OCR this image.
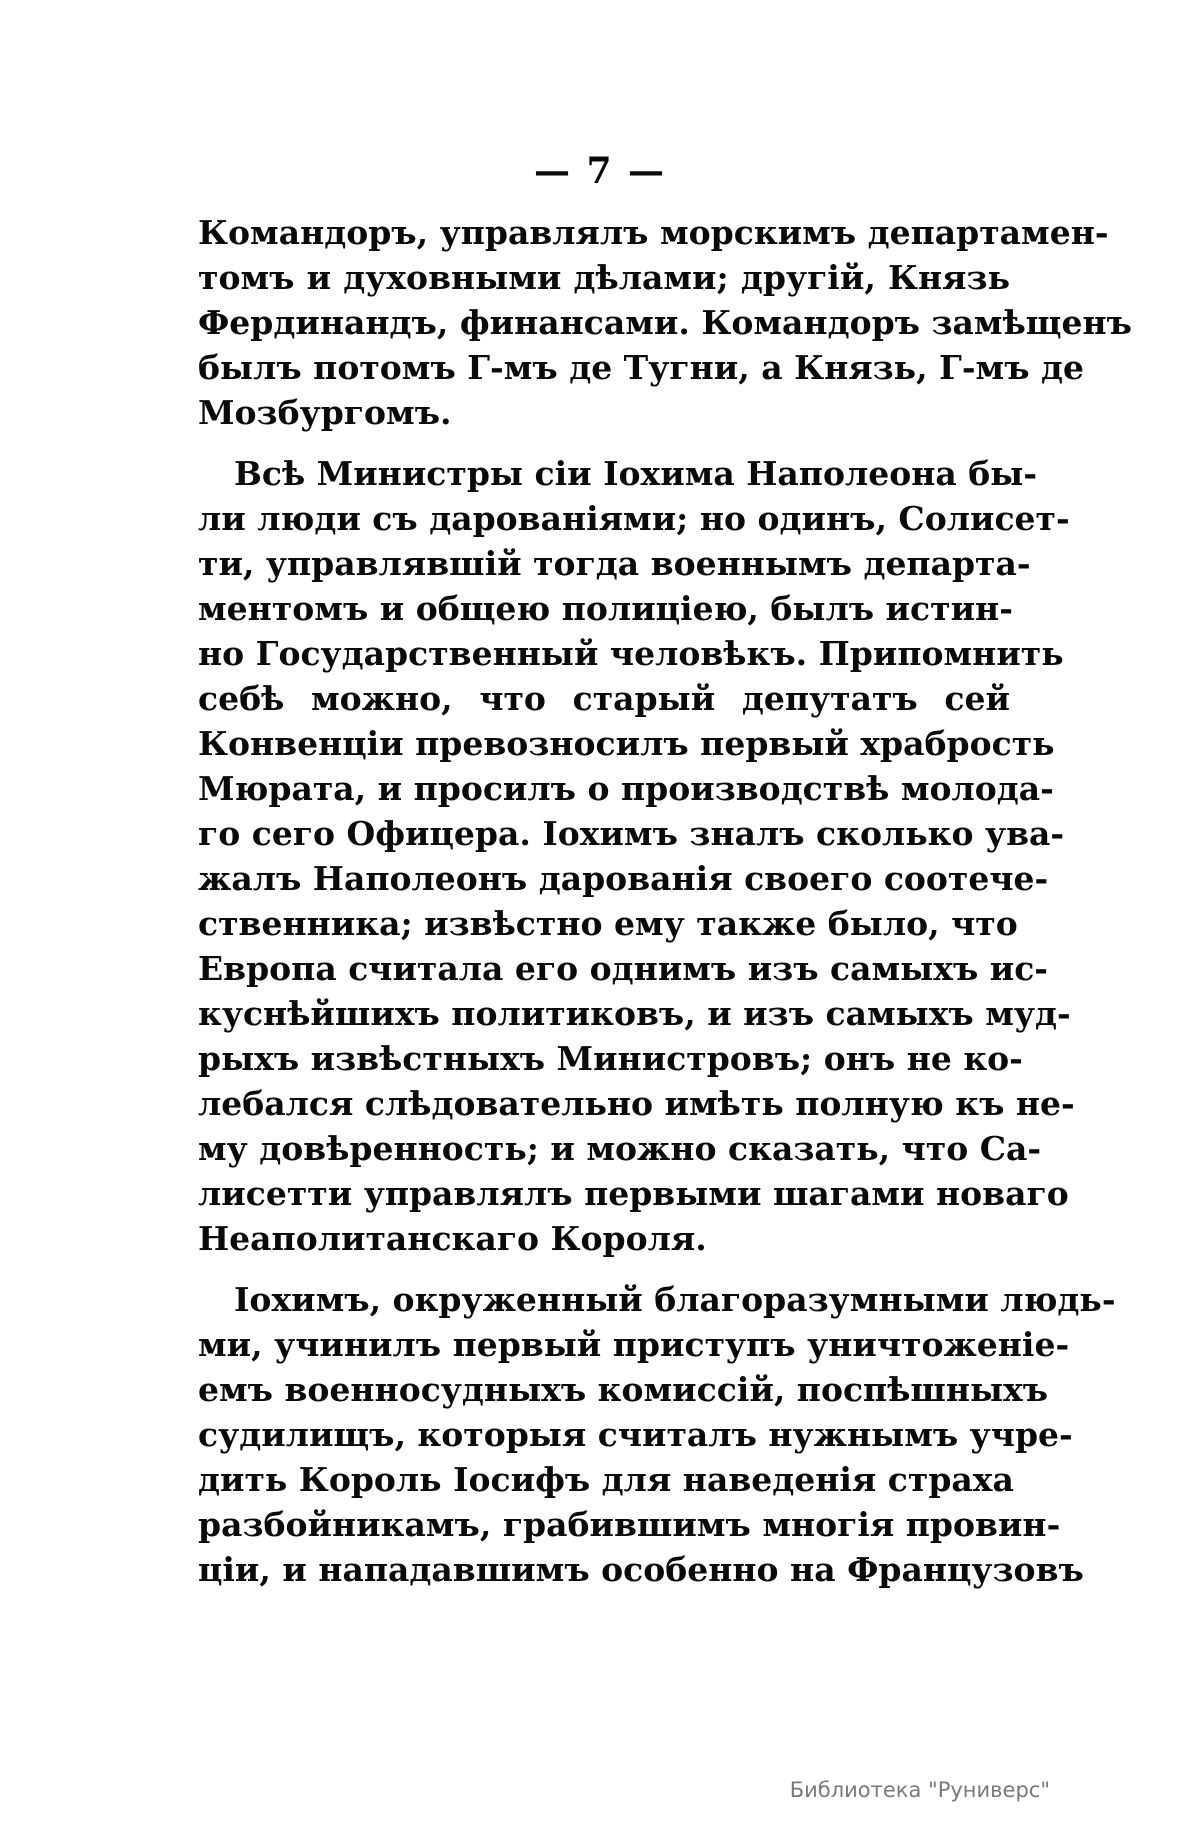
— 7 —
Командоръ, управлялъ морскимъ департамен-
томъ и духовными дѣлами; другій, Князь
Фердинандъ, финансами. Командоръ замѣщенъ
былъ потомъ Г-мъ де Тугни, а Князь, Г-мъ де
Мозбургомъ.
Всѣ Министры сіи Іохима Наполеона бы-
ли люди съ дарованіями; но одинъ, Солисет-
ти, управлявшій тогда военнымъ департа-
ментомъ и общею полиціею, былъ истин-
но Государственный человѣкъ. Припомнить
себѣ можно, что старый депутатъ сей
Конвенціи превозносилъ первый храбрость
Мюрата, и просилъ о производствѣ молода-
го сего Офицера. Іохимъ зналъ сколько ува-
жалъ Наполеонъ дарованія своего соотече-
ственника; извѣстно ему также было, что
Европа считала его однимъ изъ самыхъ ис-
куснѣйшихъ политиковъ, и изъ самыхъ муд-
рыхъ извѣстныхъ Министровъ; онъ не ко-
лебался слѣдовательно имѣть полную къ не-
му довѣренность; и можно сказать, что Са-
лисетти управлялъ первыми шагами новаго
Неаполитанскаго Короля.
Іохимъ, окруженный благоразумными людь-
ми, учинилъ первый приступъ уничтоженіе-
емъ военносудныхъ комиссій, поспѣшныхъ
судилищъ, которыя считалъ нужнымъ учре-
дить Король Іосифъ для наведенія страха
разбойникамъ, грабившимъ многія провин-
ціи, и нападавшимъ особенно на Французовъ
Библиотека "Руниверс"
